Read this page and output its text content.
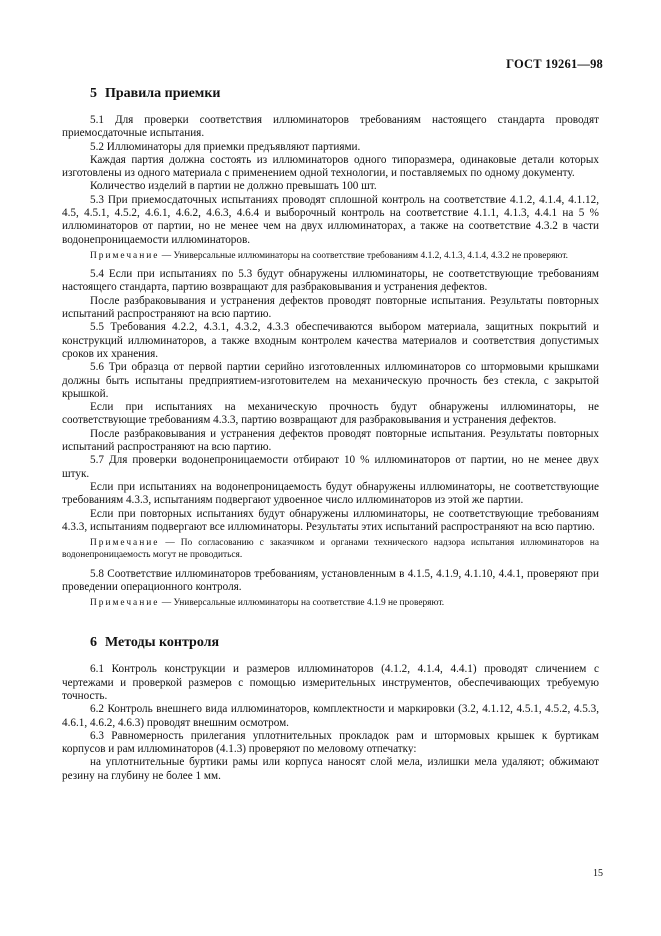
ГОСТ 19261—98
5 Правила приемки

5.1 Для проверки соответствия иллюминаторов требованиям настоящего стандарта проводят приемосдаточные испытания.

5.2 Иллюминаторы для приемки предъявляют партиями.

Каждая партия должна состоять из иллюминаторов одного типоразмера, одинаковые детали которых изготовлены из одного материала с применением одной технологии, и поставляемых по одному документу.

Количество изделий в партии не должно превышать 100 шт.

5.3 При приемосдаточных испытаниях проводят сплошной контроль на соответствие 4.1.2, 4.1.4, 4.1.12, 4.5, 4.5.1, 4.5.2, 4.6.1, 4.6.2, 4.6.3, 4.6.4 и выборочный контроль на соответствие 4.1.1, 4.1.3, 4.4.1 на 5 % иллюминаторов от партии, но не менее чем на двух иллюминаторах, а также на соответствие 4.3.2 в части водонепроницаемости иллюминаторов.

Примечание — Универсальные иллюминаторы на соответствие требованиям 4.1.2, 4.1.3, 4.1.4, 4.3.2 не проверяют.

5.4 Если при испытаниях по 5.3 будут обнаружены иллюминаторы, не соответствующие требованиям настоящего стандарта, партию возвращают для разбраковывания и устранения дефектов.

После разбраковывания и устранения дефектов проводят повторные испытания. Результаты повторных испытаний распространяют на всю партию.

5.5 Требования 4.2.2, 4.3.1, 4.3.2, 4.3.3 обеспечиваются выбором материала, защитных покрытий и конструкций иллюминаторов, а также входным контролем качества материалов и соответствия допустимых сроков их хранения.

5.6 Три образца от первой партии серийно изготовленных иллюминаторов со штормовыми крышками должны быть испытаны предприятием-изготовителем на механическую прочность без стекла, с закрытой крышкой.

Если при испытаниях на механическую прочность будут обнаружены иллюминаторы, не соответствующие требованиям 4.3.3, партию возвращают для разбраковывания и устранения дефектов.

После разбраковывания и устранения дефектов проводят повторные испытания. Результаты повторных испытаний распространяют на всю партию.

5.7 Для проверки водонепроницаемости отбирают 10 % иллюминаторов от партии, но не менее двух штук.

Если при испытаниях на водонепроницаемость будут обнаружены иллюминаторы, не соответствующие требованиям 4.3.3, испытаниям подвергают удвоенное число иллюминаторов из этой же партии.

Если при повторных испытаниях будут обнаружены иллюминаторы, не соответствующие требованиям 4.3.3, испытаниям подвергают все иллюминаторы. Результаты этих испытаний распространяют на всю партию.

Примечание — По согласованию с заказчиком и органами технического надзора испытания иллюминаторов на водонепроницаемость могут не проводиться.

5.8 Соответствие иллюминаторов требованиям, установленным в 4.1.5, 4.1.9, 4.1.10, 4.4.1, проверяют при проведении операционного контроля.

Примечание — Универсальные иллюминаторы на соответствие 4.1.9 не проверяют.

6 Методы контроля

6.1 Контроль конструкции и размеров иллюминаторов (4.1.2, 4.1.4, 4.4.1) проводят сличением с чертежами и проверкой размеров с помощью измерительных инструментов, обеспечивающих требуемую точность.

6.2 Контроль внешнего вида иллюминаторов, комплектности и маркировки (3.2, 4.1.12, 4.5.1, 4.5.2, 4.5.3, 4.6.1, 4.6.2, 4.6.3) проводят внешним осмотром.

6.3 Равномерность прилегания уплотнительных прокладок рам и штормовых крышек к буртикам корпусов и рам иллюминаторов (4.1.3) проверяют по меловому отпечатку:

на уплотнительные буртики рамы или корпуса наносят слой мела, излишки мела удаляют; обжимают резину на глубину не более 1 мм.

15
